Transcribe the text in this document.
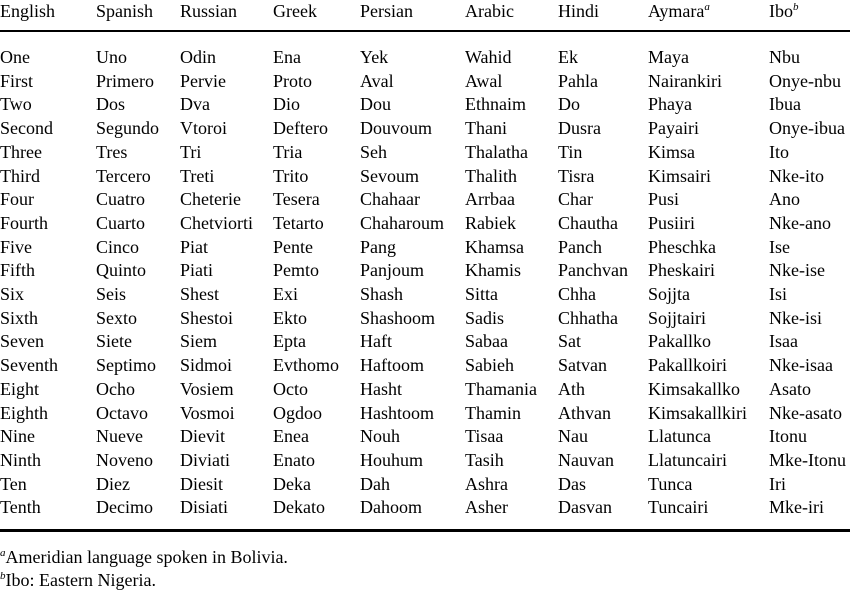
English Spanish Russian Greek Persian	Arabic Hindi	Aymara$^a$	Ibo$^b$
One	Uno	Odin	Ena	Yek	Wahid	Ek	Maya	Nbu
First	Primero Pervie	Proto	Aval	Awal	Pahla	Nairankiri	Onye-nbu
Two	Dos	Dva	Dio	Dou	Ethnaim Do	Phaya	Ibua
Second Segundo Vtoroi	Deftero Douvoum Thani	Dusra	Payairi	Onye-ibua
Three	Tres	Tri	Tria	Seh	Thalatha Tin	Kimsa	Ito
Third	Tercero Treti	Trito	Sevoum	Thalith Tisra	Kimsairi	Nke-ito
Four	Cuatro Cheterie Tesera Chahaar	Arrbaa Char	Pusi	Ano
Fourth	Cuarto Chetviorti Tetarto Chaharoum Rabiek Chautha Pusiiri	Nke-ano
Five	Cinco Piat	Pente	Pang	Khamsa Panch	Pheschka	Ise
Fifth	Quinto Piati	Pemto Panjoum Khamis Panchvan Pheskairi	Nke-ise
Six	Seis	Shest	Exi	Shash	Sitta	Chha	Sojjta	Isi
Sixth	Sexto Shestoi Ekto	Shashoom Sadis	Chhatha Sojjtairi	Nke-isi
Seven	Siete	Siem	Epta	Haft	Sabaa	Sat	Pakallko	Isaa
Seventh Septimo Sidmoi Evthomo Haftoom Sabieh Satvan Pakallkoiri Nke-isaa
Eight	Ocho	Vosiem Octo	Hasht	Thamania Ath	Kimsakallko Asato
Eighth	Octavo Vosmoi Ogdoo Hashtoom Thamin Athvan Kimsakallkiri Nke-asato
Nine	Nueve Dievit	Enea	Nouh	Tisaa	Nau	Llatunca	Itonu
Ninth	Noveno Diviati Enato	Houhum Tasih	Nauvan Llatuncairi Mke-Itonu
Ten	Diez	Diesit	Deka	Dah	Ashra	Das	Tunca	Iri
Tenth	Decimo Disiati	Dekato Dahoom Asher	Dasvan Tuncairi	Mke-iri
$^a$Ameridian language spoken in Bolivia.
$^b$Ibo: Eastern Nigeria.
